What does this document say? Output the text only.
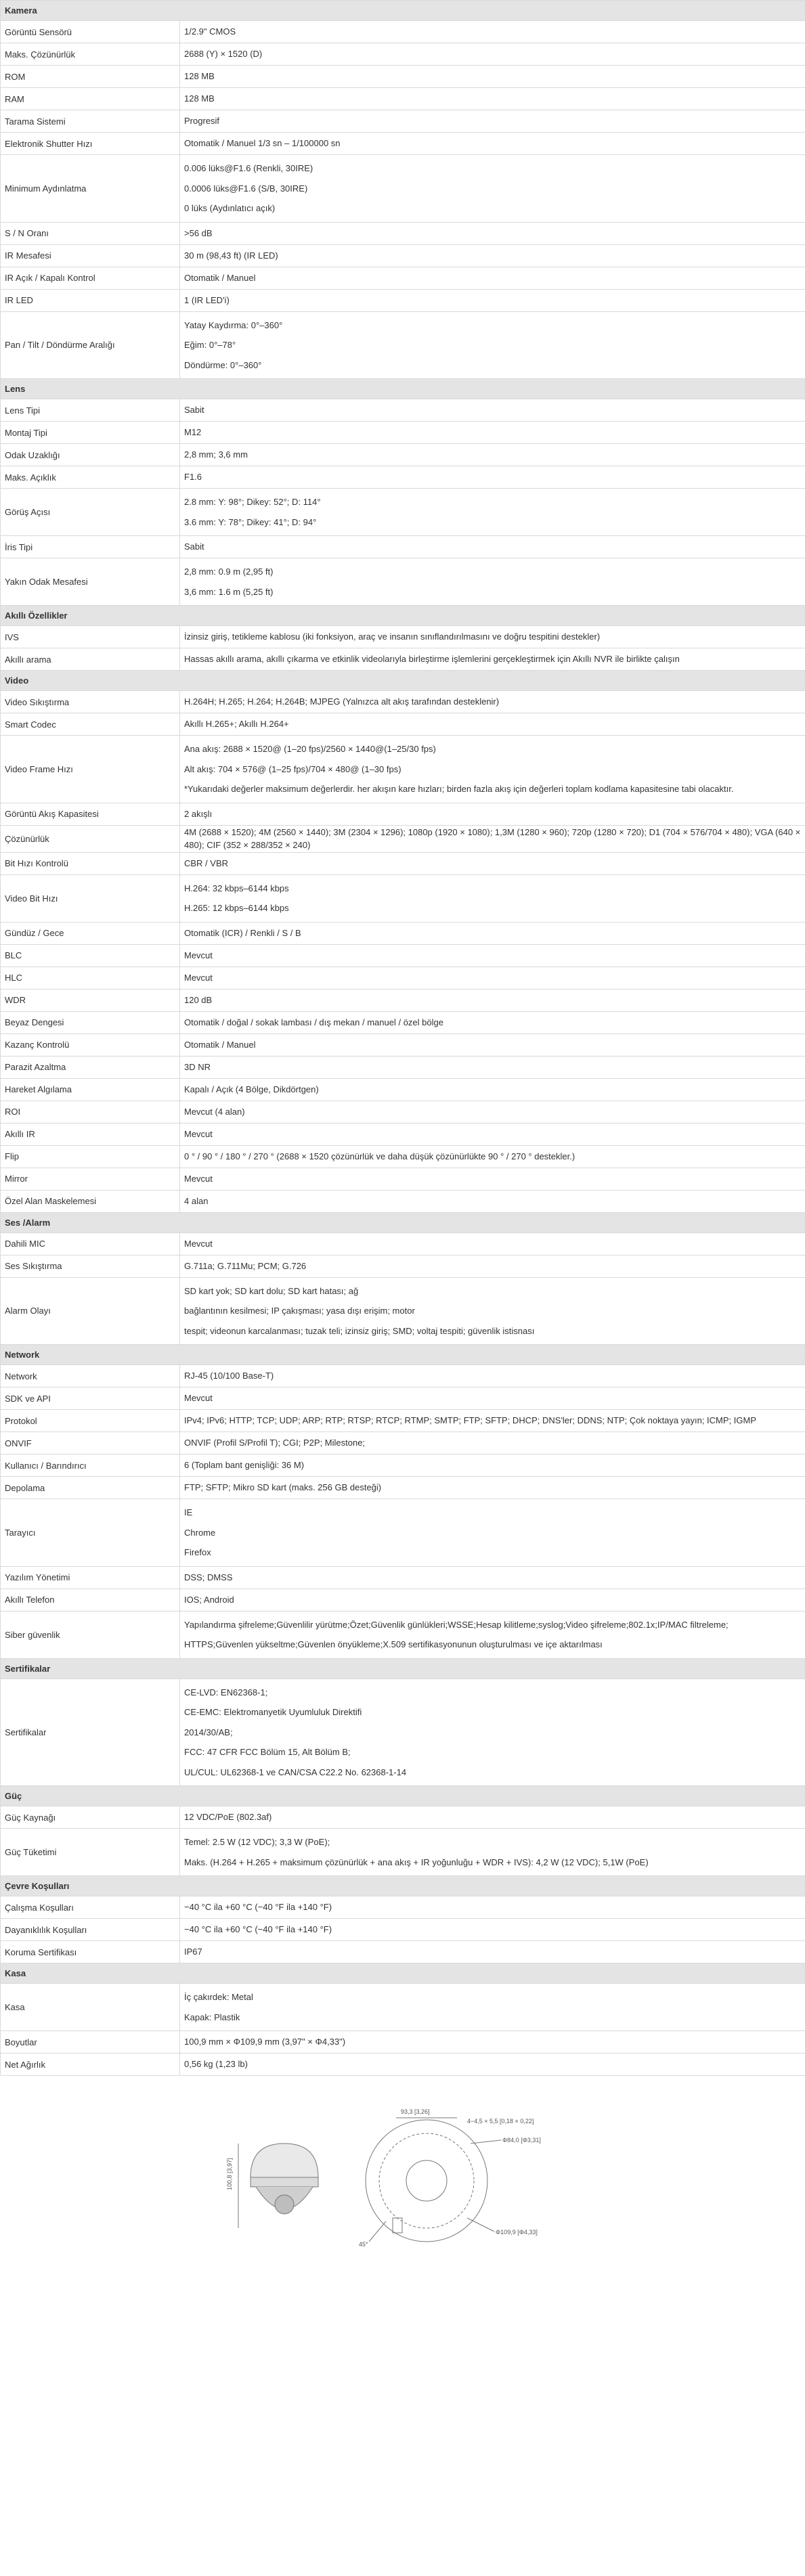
Kamera	
Görüntü Sensörü	1/2.9" CMOS
Maks. Çözünürlük	2688 (Y) × 1520 (D)
ROM	128 MB
RAM	128 MB
Tarama Sistemi	Progresif
Elektronik Shutter Hızı	Otomatik / Manuel 1/3 sn – 1/100000 sn
Minimum Aydınlatma	0.006 lüks@F1.6 (Renkli, 30IRE)

0.0006 lüks@F1.6 (S/B, 30IRE)

0 lüks (Aydınlatıcı açık)

S / N Oranı	>56 dB
IR Mesafesi	30 m (98,43 ft) (IR LED)
IR Açık / Kapalı Kontrol	Otomatik / Manuel
IR LED	1 (IR LED'i)
Pan / Tilt / Döndürme Aralığı	Yatay Kaydırma: 0°–360°

Eğim: 0°–78°

Döndürme: 0°–360°

Lens	
Lens Tipi	Sabit
Montaj Tipi	M12
Odak Uzaklığı	2,8 mm; 3,6 mm
Maks. Açıklık	F1.6
Görüş Açısı	2.8 mm: Y: 98°; Dikey: 52°; D: 114°

3.6 mm: Y: 78°; Dikey: 41°; D: 94°

İris Tipi	Sabit
Yakın Odak Mesafesi	2,8 mm: 0.9 m (2,95 ft)

3,6 mm: 1.6 m (5,25 ft)

Akıllı Özellikler	
IVS	İzinsiz giriş, tetikleme kablosu (iki fonksiyon, araç ve insanın sınıflandırılmasını ve doğru tespitini destekler)
Akıllı arama	Hassas akıllı arama, akıllı çıkarma ve etkinlik videolarıyla birleştirme işlemlerini gerçekleştirmek için Akıllı NVR ile birlikte çalışın
Video	
Video Sıkıştırma	H.264H; H.265; H.264; H.264B; MJPEG (Yalnızca alt akış tarafından desteklenir)
Smart Codec	Akıllı H.265+; Akıllı H.264+
Video Frame Hızı	Ana akış: 2688 × 1520@ (1–20 fps)/2560 × 1440@(1–25/30 fps)

Alt akış: 704 × 576@ (1–25 fps)/704 × 480@ (1–30 fps)

*Yukarıdaki değerler maksimum değerlerdir. her akışın kare hızları; birden fazla akış için değerleri toplam kodlama kapasitesine tabi olacaktır.

Görüntü Akış Kapasitesi	2 akışlı
Çözünürlük	4M (2688 × 1520); 4M (2560 × 1440); 3M (2304 × 1296); 1080p (1920 × 1080); 1,3M (1280 × 960); 720p (1280 × 720); D1 (704 × 576/704 × 480); VGA (640 × 480); CIF (352 × 288/352 × 240)
Bit Hızı Kontrolü	CBR / VBR
Video Bit Hızı	H.264: 32 kbps–6144 kbps

H.265: 12 kbps–6144 kbps

Gündüz / Gece	Otomatik (ICR) / Renkli / S / B
BLC	Mevcut
HLC	Mevcut
WDR	120 dB
Beyaz Dengesi	Otomatik / doğal / sokak lambası / dış mekan / manuel / özel bölge
Kazanç Kontrolü	Otomatik / Manuel
Parazit Azaltma	3D NR
Hareket Algılama	Kapalı / Açık (4 Bölge, Dikdörtgen)
ROI	Mevcut (4 alan)
Akıllı IR	Mevcut
Flip	0 ° / 90 ° / 180 ° / 270 ° (2688 × 1520 çözünürlük ve daha düşük çözünürlükte 90 ° / 270 ° destekler.)
Mirror	Mevcut
Özel Alan Maskelemesi	4 alan
Ses /Alarm	
Dahili MIC	Mevcut
Ses Sıkıştırma	G.711a; G.711Mu; PCM; G.726
Alarm Olayı	SD kart yok; SD kart dolu; SD kart hatası; ağ

bağlantının kesilmesi; IP çakışması; yasa dışı erişim; motor

tespit; videonun karcalanması; tuzak teli; izinsiz giriş; SMD; voltaj tespiti; güvenlik istisnası

Network	
Network	RJ-45 (10/100 Base-T)
SDK ve API	Mevcut
Protokol	IPv4; IPv6; HTTP; TCP; UDP; ARP; RTP; RTSP; RTCP; RTMP; SMTP; FTP; SFTP; DHCP; DNS'ler; DDNS; NTP; Çok noktaya yayın; ICMP; IGMP
ONVIF	ONVIF (Profil S/Profil T); CGI; P2P; Milestone;
Kullanıcı / Barındırıcı	6 (Toplam bant genişliği: 36 M)
Depolama	FTP; SFTP; Mikro SD kart (maks. 256 GB desteği)
Tarayıcı	IE

Chrome

Firefox

Yazılım Yönetimi	DSS; DMSS
Akıllı Telefon	IOS; Android
Siber güvenlik	Yapılandırma şifreleme;Güvenlilir yürütme;Özet;Güvenlik günlükleri;WSSE;Hesap kilitleme;syslog;Video şifreleme;802.1x;IP/MAC filtreleme;

HTTPS;Güvenlen yükseltme;Güvenlen önyükleme;X.509 sertifikasyonunun oluşturulması ve içe aktarılması

Sertifikalar	
Sertifikalar	CE-LVD: EN62368-1;

CE-EMC: Elektromanyetik Uyumluluk Direktifi

2014/30/AB;

FCC: 47 CFR FCC Bölüm 15, Alt Bölüm B;

UL/CUL: UL62368-1 ve CAN/CSA C22.2 No. 62368-1-14

Güç	
Güç Kaynağı	12 VDC/PoE (802.3af)
Güç Tüketimi	Temel: 2.5 W (12 VDC); 3,3 W (PoE);

Maks. (H.264 + H.265 + maksimum çözünürlük + ana akış + IR yoğunluğu + WDR + IVS): 4,2 W (12 VDC); 5,1W (PoE)

Çevre Koşulları	
Çalışma Koşulları	−40 °C ila +60 °C (−40 °F ila +140 °F)
Dayanıklılık Koşulları	−40 °C ila +60 °C (−40 °F ila +140 °F)
Koruma Sertifikası	IP67
Kasa	
Kasa	İç çakırdek: Metal

Kapak: Plastik

Boyutlar	100,9 mm × Φ109,9 mm (3,97" × Φ4,33")
Net Ağırlık	0,56 kg (1,23 lb)
100,8 [3,97]
93,3 [3,26]
4−4,5 × 5,5 [0,18 × 0,22]
Φ84,0 [Φ3,31]
Φ109,9 [Φ4,33]
45°
